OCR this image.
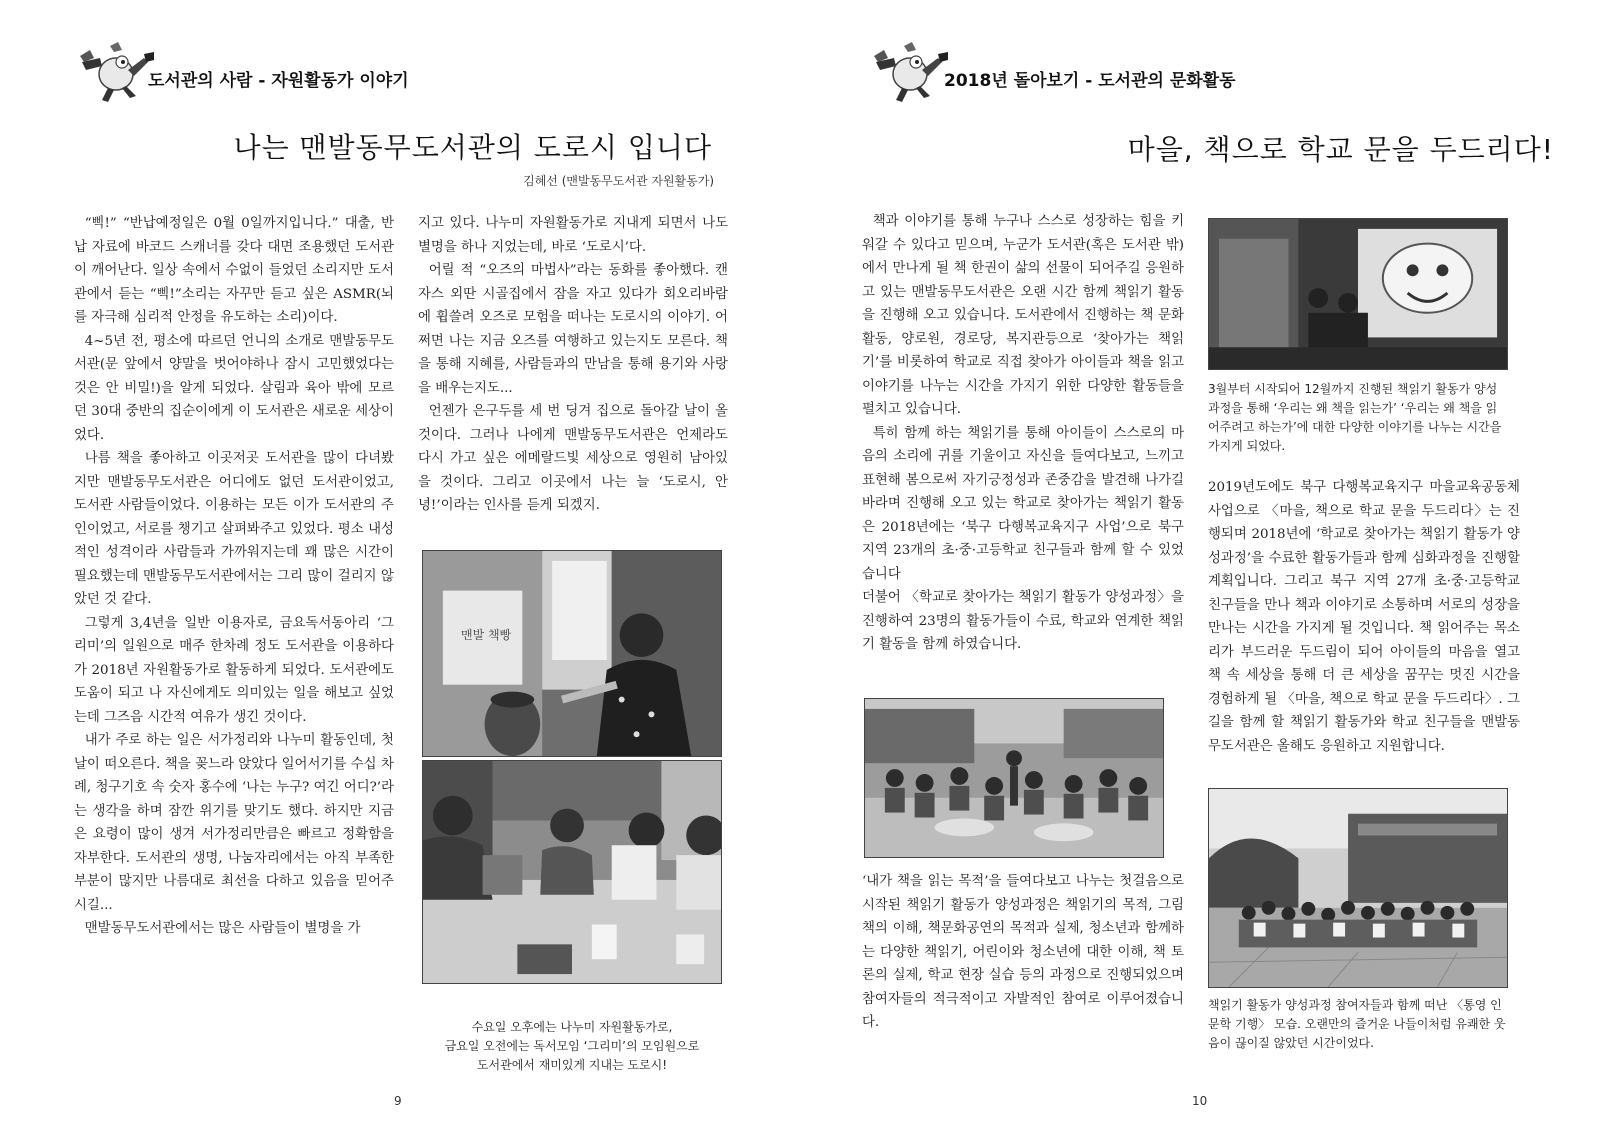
도서관의 사람 - 자원활동가 이야기
나는 맨발동무도서관의 도로시 입니다
김혜선 (맨발동무도서관 자원활동가)

“삑!” “반납예정일은 0월 0일까지입니다.” 대출, 반납 자료에 바코드 스캐너를 갖다 대면 조용했던 도서관이 깨어난다. 일상 속에서 수없이 들었던 소리지만 도서관에서 듣는 “삑!”소리는 자꾸만 듣고 싶은 ASMR(뇌를 자극해 심리적 안정을 유도하는 소리)이다.

4~5년 전, 평소에 따르던 언니의 소개로 맨발동무도서관(문 앞에서 양말을 벗어야하나 잠시 고민했었다는 것은 안 비밀!)을 알게 되었다. 살림과 육아 밖에 모르던 30대 중반의 집순이에게 이 도서관은 새로운 세상이었다.

나름 책을 좋아하고 이곳저곳 도서관을 많이 다녀봤지만 맨발동무도서관은 어디에도 없던 도서관이었고, 도서관 사람들이었다. 이용하는 모든 이가 도서관의 주인이었고, 서로를 챙기고 살펴봐주고 있었다. 평소 내성적인 성격이라 사람들과 가까워지는데 꽤 많은 시간이 필요했는데 맨발동무도서관에서는 그리 많이 걸리지 않았던 것 같다.

그렇게 3,4년을 일반 이용자로, 금요독서동아리 ‘그리미’의 일원으로 매주 한차례 정도 도서관을 이용하다가 2018년 자원활동가로 활동하게 되었다. 도서관에도 도움이 되고 나 자신에게도 의미있는 일을 해보고 싶었는데 그즈음 시간적 여유가 생긴 것이다.

내가 주로 하는 일은 서가정리와 나누미 활동인데, 첫날이 떠오른다. 책을 꽂느라 앉았다 일어서기를 수십 차례, 청구기호 속 숫자 홍수에 ‘나는 누구? 여긴 어디?’라는 생각을 하며 잠깐 위기를 맞기도 했다. 하지만 지금은 요령이 많이 생겨 서가정리만큼은 빠르고 정확함을 자부한다. 도서관의 생명, 나눔자리에서는 아직 부족한 부분이 많지만 나름대로 최선을 다하고 있음을 믿어주시길...

맨발동무도서관에서는 많은 사람들이 별명을 가

지고 있다. 나누미 자원활동가로 지내게 되면서 나도 별명을 하나 지었는데, 바로 ‘도로시’다.

어릴 적 “오즈의 마법사”라는 동화를 좋아했다. 캔자스 외딴 시골집에서 잠을 자고 있다가 회오리바람에 휩쓸려 오즈로 모험을 떠나는 도로시의 이야기. 어쩌면 나는 지금 오즈를 여행하고 있는지도 모른다. 책을 통해 지혜를, 사람들과의 만남을 통해 용기와 사랑을 배우는지도...

언젠가 은구두를 세 번 딩겨 집으로 돌아갈 날이 올 것이다. 그러나 나에게 맨발동무도서관은 언제라도 다시 가고 싶은 에메랄드빛 세상으로 영원히 남아있을 것이다. 그리고 이곳에서 나는 늘 ‘도로시, 안녕!’이라는 인사를 듣게 되겠지.

맨발 책빵
수요일 오후에는 나누미 자원활동가로,
금요일 오전에는 독서모임 ‘그리미’의 모임원으로
도서관에서 재미있게 지내는 도로시!
9
2018년 돌아보기 - 도서관의 문화활동
마을, 책으로 학교 문을 두드리다!

책과 이야기를 통해 누구나 스스로 성장하는 힘을 키워갈 수 있다고 믿으며, 누군가 도서관(혹은 도서관 밖)에서 만나게 될 책 한권이 삶의 선물이 되어주길 응원하고 있는 맨발동무도서관은 오랜 시간 함께 책읽기 활동을 진행해 오고 있습니다. 도서관에서 진행하는 책 문화 활동, 양로원, 경로당, 복지관등으로 ‘찾아가는 책읽기’를 비롯하여 학교로 직접 찾아가 아이들과 책을 읽고 이야기를 나누는 시간을 가지기 위한 다양한 활동들을 펼치고 있습니다.

특히 함께 하는 책읽기를 통해 아이들이 스스로의 마음의 소리에 귀를 기울이고 자신을 들여다보고, 느끼고 표현해 봄으로써 자기긍정성과 존중감을 발견해 나가길 바라며 진행해 오고 있는 학교로 찾아가는 책읽기 활동은 2018년에는 ‘북구 다행복교육지구 사업’으로 북구 지역 23개의 초·중·고등학교 친구들과 함께 할 수 있었습니다

더불어 〈학교로 찾아가는 책읽기 활동가 양성과정〉을 진행하여 23명의 활동가들이 수료, 학교와 연계한 책읽기 활동을 함께 하였습니다.

‘내가 책을 읽는 목적’을 들여다보고 나누는 첫걸음으로 시작된 책읽기 활동가 양성과정은 책읽기의 목적, 그림책의 이해, 책문화공연의 목적과 실제, 청소년과 함께하는 다양한 책읽기, 어린이와 청소년에 대한 이해, 책 토론의 실제, 학교 현장 실습 등의 과정으로 진행되었으며 참여자들의 적극적이고 자발적인 참여로 이루어졌습니다.

3월부터 시작되어 12월까지 진행된 책읽기 활동가 양성과정을 통해 ‘우리는 왜 책을 읽는가’ ‘우리는 왜 책을 읽어주려고 하는가’에 대한 다양한 이야기를 나누는 시간을 가지게 되었다.

2019년도에도 북구 다행복교육지구 마을교육공동체사업으로 〈마을, 책으로 학교 문을 두드리다〉는 진행되며 2018년에 ‘학교로 찾아가는 책읽기 활동가 양성과정’을 수료한 활동가들과 함께 심화과정을 진행할 계획입니다. 그리고 북구 지역 27개 초·중·고등학교 친구들을 만나 책과 이야기로 소통하며 서로의 성장을 만나는 시간을 가지게 될 것입니다. 책 읽어주는 목소리가 부드러운 두드림이 되어 아이들의 마음을 열고 책 속 세상을 통해 더 큰 세상을 꿈꾸는 멋진 시간을 경험하게 될 〈마을, 책으로 학교 문을 두드리다〉. 그 길을 함께 할 책읽기 활동가와 학교 친구들을 맨발동무도서관은 올해도 응원하고 지원합니다.

책읽기 활동가 양성과정 참여자들과 함께 떠난 〈통영 인문학 기행〉 모습. 오랜만의 즐거운 나들이처럼 유쾌한 웃음이 끊이질 않았던 시간이었다.
10
